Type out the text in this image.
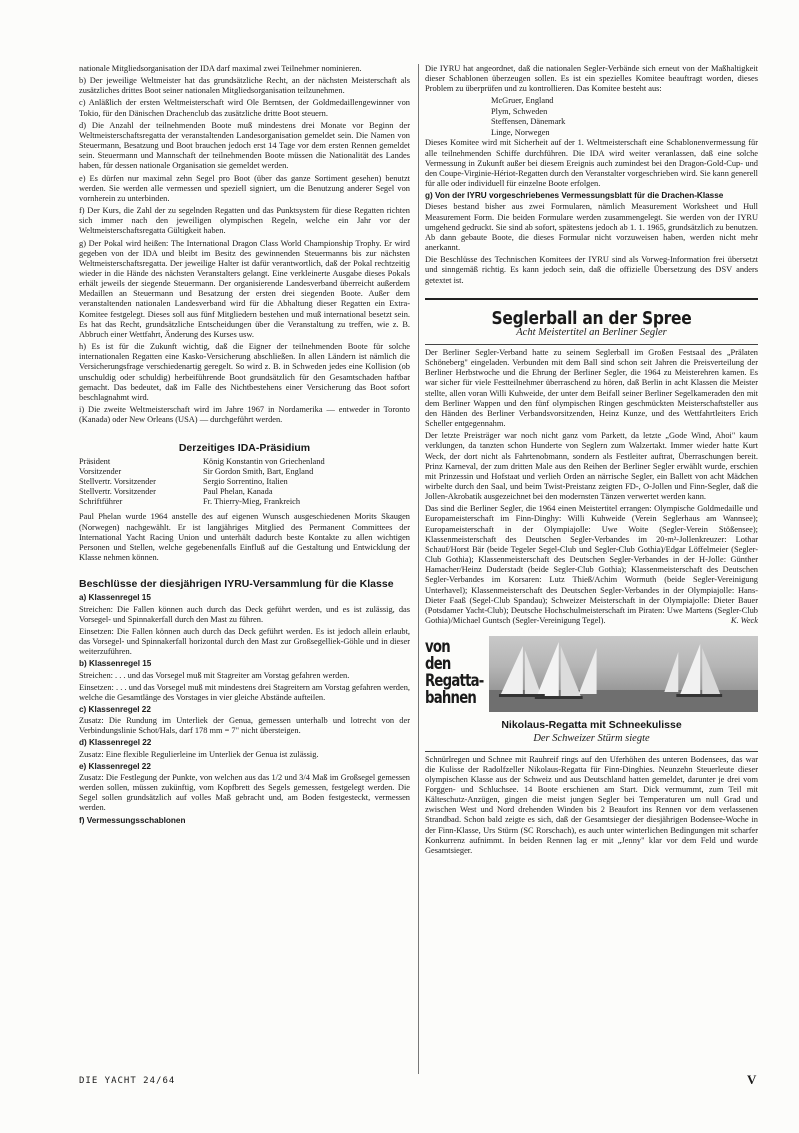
nationale Mitgliedsorganisation der IDA darf maximal zwei Teilnehmer nominieren.

b) Der jeweilige Weltmeister hat das grundsätzliche Recht, an der nächsten Meisterschaft als zusätzliches drittes Boot seiner nationalen Mitgliedsorganisation teilzunehmen.

c) Anläßlich der ersten Weltmeisterschaft wird Ole Berntsen, der Goldmedaillengewinner von Tokio, für den Dänischen Drachenclub das zusätzliche dritte Boot steuern.

d) Die Anzahl der teilnehmenden Boote muß mindestens drei Monate vor Beginn der Weltmeisterschaftsregatta der veranstaltenden Landesorganisation gemeldet sein. Die Namen von Steuermann, Besatzung und Boot brauchen jedoch erst 14 Tage vor dem ersten Rennen gemeldet sein. Steuermann und Mannschaft der teilnehmenden Boote müssen die Nationalität des Landes haben, für dessen nationale Organisation sie gemeldet werden.

e) Es dürfen nur maximal zehn Segel pro Boot (über das ganze Sortiment gesehen) benutzt werden. Sie werden alle vermessen und speziell signiert, um die Benutzung anderer Segel von vornherein zu unterbinden.

f) Der Kurs, die Zahl der zu segelnden Regatten und das Punktsystem für diese Regatten richten sich immer nach den jeweiligen olympischen Regeln, welche ein Jahr vor der Weltmeisterschaftsregatta Gültigkeit haben.

g) Der Pokal wird heißen: The International Dragon Class World Championship Trophy. Er wird gegeben von der IDA und bleibt im Besitz des gewinnenden Steuermanns bis zur nächsten Weltmeisterschaftsregatta. Der jeweilige Halter ist dafür verantwortlich, daß der Pokal rechtzeitig wieder in die Hände des nächsten Veranstalters gelangt. Eine verkleinerte Ausgabe dieses Pokals erhält jeweils der siegende Steuermann. Der organisierende Landesverband überreicht außerdem Medaillen an Steuermann und Besatzung der ersten drei siegenden Boote. Außer dem veranstaltenden nationalen Landesverband wird für die Abhaltung dieser Regatten ein Extra-Komitee festgelegt. Dieses soll aus fünf Mitgliedern bestehen und muß international besetzt sein. Es hat das Recht, grundsätzliche Entscheidungen über die Veranstaltung zu treffen, wie z. B. Abbruch einer Wettfahrt, Änderung des Kurses usw.

h) Es ist für die Zukunft wichtig, daß die Eigner der teilnehmenden Boote für solche internationalen Regatten eine Kasko-Versicherung abschließen. In allen Ländern ist nämlich die Versicherungsfrage verschiedenartig geregelt. So wird z. B. in Schweden jedes eine Kollision (ob unschuldig oder schuldig) herbeiführende Boot grundsätzlich für den Gesamtschaden haftbar gemacht. Das bedeutet, daß im Falle des Nichtbestehens einer Versicherung das Boot sofort beschlagnahmt wird.

i) Die zweite Weltmeisterschaft wird im Jahre 1967 in Nordamerika — entweder in Toronto (Kanada) oder New Orleans (USA) — durchgeführt werden.

Derzeitiges IDA-Präsidium
Präsident	König Konstantin von Griechenland
Vorsitzender	Sir Gordon Smith, Bart, England
Stellvertr. Vorsitzender	Sergio Sorrentino, Italien
Stellvertr. Vorsitzender	Paul Phelan, Kanada
Schriftführer	Fr. Thierry-Mieg, Frankreich

Paul Phelan wurde 1964 anstelle des auf eigenen Wunsch ausgeschiedenen Morits Skaugen (Norwegen) nachgewählt. Er ist langjähriges Mitglied des Permanent Committees der International Yacht Racing Union und unterhält dadurch beste Kontakte zu allen wichtigen Personen und Stellen, welche gegebenenfalls Einfluß auf die Gestaltung und Entwicklung der Klasse nehmen können.

Beschlüsse der diesjährigen IYRU-Versammlung für die Klasse
a) Klassenregel 15

Streichen: Die Fallen können auch durch das Deck geführt werden, und es ist zulässig, das Vorsegel- und Spinnakerfall durch den Mast zu führen.

Einsetzen: Die Fallen können auch durch das Deck geführt werden. Es ist jedoch allein erlaubt, das Vorsegel- und Spinnakerfall horizontal durch den Mast zur Großsegelliek-Göhle und in dieser weiterzuführen.

b) Klassenregel 15

Streichen: . . . und das Vorsegel muß mit Stagreiter am Vorstag gefahren werden.

Einsetzen: . . . und das Vorsegel muß mit mindestens drei Stagreitern am Vorstag gefahren werden, welche die Gesamtlänge des Vorstages in vier gleiche Abstände aufteilen.

c) Klassenregel 22

Zusatz: Die Rundung im Unterliek der Genua, gemessen unterhalb und lotrecht von der Verbindungslinie Schot/Hals, darf 178 mm = 7" nicht übersteigen.

d) Klassenregel 22

Zusatz: Eine flexible Regulierleine im Unterliek der Genua ist zulässig.

e) Klassenregel 22

Zusatz: Die Festlegung der Punkte, von welchen aus das 1/2 und 3/4 Maß im Großsegel gemessen werden sollen, müssen zukünftig, vom Kopfbrett des Segels gemessen, festgelegt werden. Die Segel sollen grundsätzlich auf volles Maß gebracht und, am Boden festgesteckt, vermessen werden.

f) Vermessungsschablonen

Die IYRU hat angeordnet, daß die nationalen Segler-Verbände sich erneut von der Maßhaltigkeit dieser Schablonen überzeugen sollen. Es ist ein spezielles Komitee beauftragt worden, dieses Problem zu überprüfen und zu kontrollieren. Das Komitee besteht aus:

McGruer, England
Plym, Schweden
Steffensen, Dänemark
Linge, Norwegen

Dieses Komitee wird mit Sicherheit auf der 1. Weltmeisterschaft eine Schablonenvermessung für alle teilnehmenden Schiffe durchführen. Die IDA wird weiter veranlassen, daß eine solche Vermessung in Zukunft außer bei diesem Ereignis auch zumindest bei den Dragon-Gold-Cup- und den Coupe-Virginie-Hériot-Regatten durch den Veranstalter vorgeschrieben wird. Sie kann generell für alle oder individuell für einzelne Boote erfolgen.

g) Von der IYRU vorgeschriebenes Vermessungsblatt für die Drachen-Klasse

Dieses bestand bisher aus zwei Formularen, nämlich Measurement Worksheet und Hull Measurement Form. Die beiden Formulare werden zusammengelegt. Sie werden von der IYRU umgehend gedruckt. Sie sind ab sofort, spätestens jedoch ab 1. 1. 1965, grundsätzlich zu benutzen. Ab dann gebaute Boote, die dieses Formular nicht vorzuweisen haben, werden nicht mehr anerkannt.

Die Beschlüsse des Technischen Komitees der IYRU sind als Vorweg-Information frei übersetzt und sinngemäß richtig. Es kann jedoch sein, daß die offizielle Übersetzung des DSV anders getextet ist.

Seglerball an der Spree
Acht Meistertitel an Berliner Segler

Der Berliner Segler-Verband hatte zu seinem Seglerball im Großen Festsaal des „Prälaten Schöneberg" eingeladen. Verbunden mit dem Ball sind schon seit Jahren die Preisverteilung der Berliner Herbstwoche und die Ehrung der Berliner Segler, die 1964 zu Meisterehren kamen. Es war sicher für viele Festteilnehmer überraschend zu hören, daß Berlin in acht Klassen die Meister stellte, allen voran Willi Kuhweide, der unter dem Beifall seiner Berliner Segelkameraden den mit dem Berliner Wappen und den fünf olympischen Ringen geschmückten Meisterschaftsteller aus den Händen des Berliner Verbandsvorsitzenden, Heinz Kunze, und des Wettfahrtleiters Erich Scheller entgegennahm.

Der letzte Preisträger war noch nicht ganz vom Parkett, da letzte „Gode Wind, Ahoi" kaum verklungen, da tanzten schon Hunderte von Seglern zum Walzertakt. Immer wieder hatte Kurt Weck, der dort nicht als Fahrtenobmann, sondern als Festleiter auftrat, Überraschungen bereit. Prinz Karneval, der zum dritten Male aus den Reihen der Berliner Segler erwählt wurde, erschien mit Prinzessin und Hofstaat und verlieh Orden an närrische Segler, ein Ballett von acht Mädchen wirbelte durch den Saal, und beim Twist-Preistanz zeigten FD-, O-Jollen und Finn-Segler, daß die Jollen-Akrobatik ausgezeichnet bei den modernsten Tänzen verwertet werden kann.

Das sind die Berliner Segler, die 1964 einen Meistertitel errangen: Olympische Goldmedaille und Europameisterschaft im Finn-Dinghy: Willi Kuhweide (Verein Seglerhaus am Wannsee); Europameisterschaft in der Olympiajolle: Uwe Woite (Segler-Verein Stößensee); Klassenmeisterschaft des Deutschen Segler-Verbandes im 20-m²-Jollenkreuzer: Lothar Schauf/Horst Bär (beide Tegeler Segel-Club und Segler-Club Gothia)/Edgar Löffelmeier (Segler-Club Gothia); Klassenmeisterschaft des Deutschen Segler-Verbandes in der H-Jolle: Günther Hamacher/Heinz Duderstadt (beide Segler-Club Gothia); Klassenmeisterschaft des Deutschen Segler-Verbandes im Korsaren: Lutz Thieß/Achim Wormuth (beide Segler-Vereinigung Unterhavel); Klassenmeisterschaft des Deutschen Segler-Verbandes in der Olympiajolle: Hans-Dieter Faaß (Segel-Club Spandau); Schweizer Meisterschaft in der Olympiajolle: Dieter Bauer (Potsdamer Yacht-Club); Deutsche Hochschulmeisterschaft im Piraten: Uwe Martens (Segler-Club Gothia)/Michael Guntsch (Segler-Vereinigung Tegel).	K. Weck

von den Regatta-bahnen
Nikolaus-Regatta mit Schneekulisse
Der Schweizer Stürm siegte

Schnürlregen und Schnee mit Rauhreif rings auf den Uferhöhen des unteren Bodensees, das war die Kulisse der Radolfzeller Nikolaus-Regatta für Finn-Dinghies. Neunzehn Steuerleute dieser olympischen Klasse aus der Schweiz und aus Deutschland hatten gemeldet, darunter je drei vom Forggen- und Schluchsee. 14 Boote erschienen am Start. Dick vermummt, zum Teil mit Kälteschutz-Anzügen, gingen die meist jungen Segler bei Temperaturen um null Grad und zwischen West und Nord drehenden Winden bis 2 Beaufort ins Rennen vor dem verlassenen Strandbad. Schon bald zeigte es sich, daß der Gesamtsieger der diesjährigen Bodensee-Woche in der Finn-Klasse, Urs Stürm (SC Rorschach), es auch unter winterlichen Bedingungen mit scharfer Konkurrenz aufnimmt. In beiden Rennen lag er mit „Jenny" klar vor dem Feld und wurde Gesamtsieger.

DIE YACHT 24/64	V
